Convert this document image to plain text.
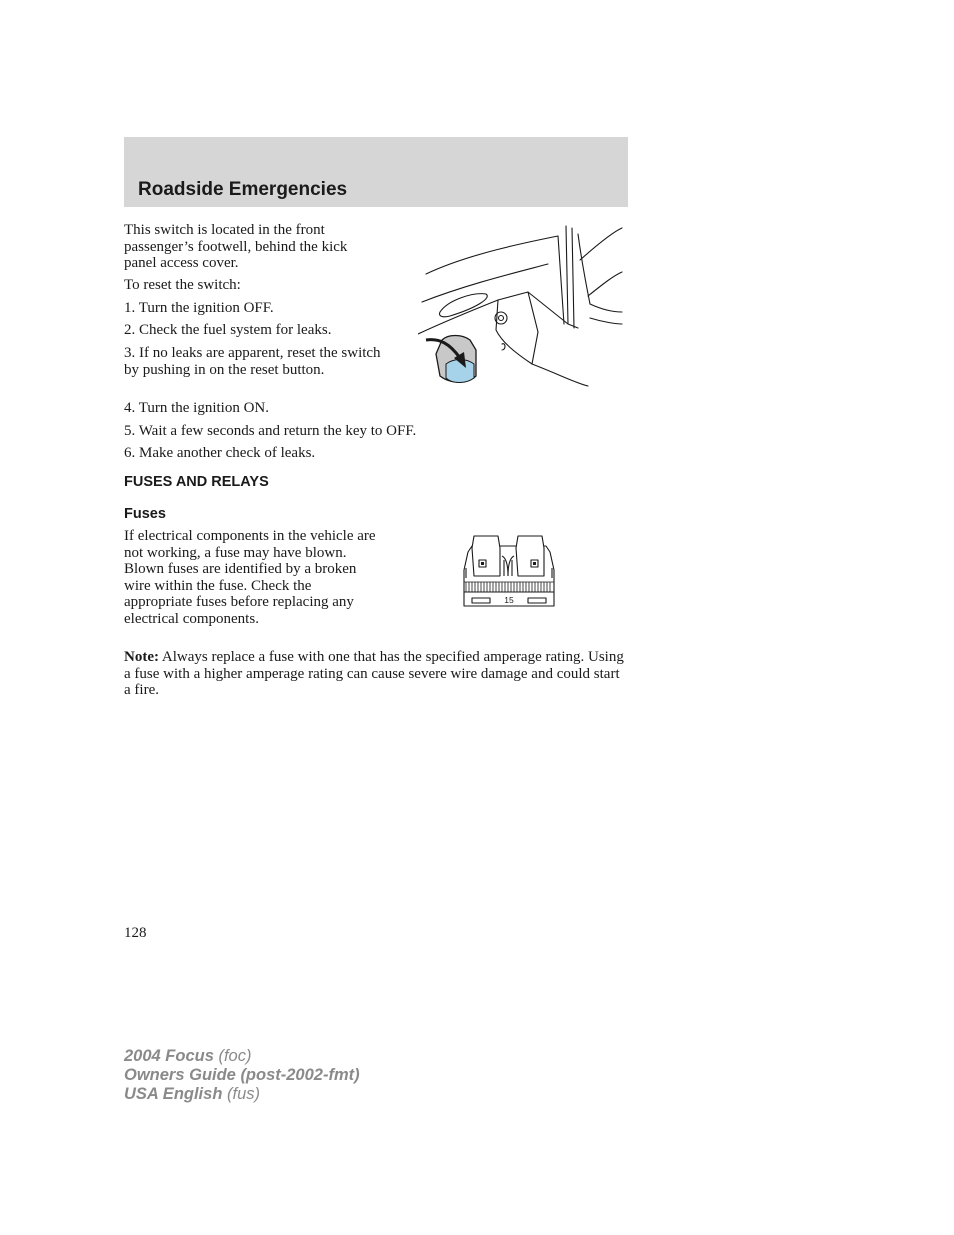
Roadside Emergencies

This switch is located in the front passenger’s footwell, behind the kick panel access cover.

To reset the switch:

1. Turn the ignition OFF.

2. Check the fuel system for leaks.

3. If no leaks are apparent, reset the switch by pushing in on the reset button.

4. Turn the ignition ON.

5. Wait a few seconds and return the key to OFF.

6. Make another check of leaks.

FUSES AND RELAYS
Fuses

If electrical components in the vehicle are not working, a fuse may have blown. Blown fuses are identified by a broken wire within the fuse. Check the appropriate fuses before replacing any electrical components.

15

Note: Always replace a fuse with one that has the specified amperage rating. Using a fuse with a higher amperage rating can cause severe wire damage and could start a fire.

128

2004 Focus (foc)
Owners Guide (post-2002-fmt)
USA English (fus)
